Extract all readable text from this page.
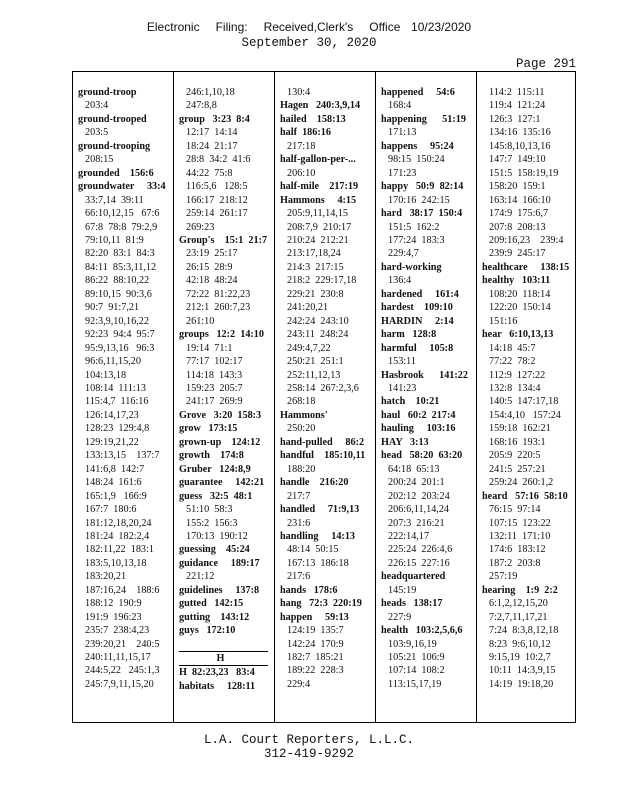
Electronic   Filing:   Received,Clerk's   Office  10/23/2020
September 30, 2020
Page 291
ground-troop
203:4
ground-trooped
203:5
ground-trooping
208:15
grounded    156:6
groundwater     33:4
33:7,14  39:11
66:10,12,15   67:6
67:8  78:8  79:2,9
79:10,11  81:9
82:20  83:1  84:3
84:11  85:3,11,12
86:22  88:10,22
89:10,15  90:3,6
90:7  91:7,21
92:3,9,10,16,22
92:23  94:4  95:7
95:9,13,16   96:3
96:6,11,15,20
104:13,18
108:14  111:13
115:4,7  116:16
126:14,17,23
128:23  129:4,8
129:19,21,22
133:13,15    137:7
141:6,8  142:7
148:24  161:6
165:1,9   166:9
167:7  180:6
181:12,18,20,24
181:24  182:2,4
182:11,22  183:1
183:5,10,13,18
183:20,21
187:16,24    188:6
188:12  190:9
191:9  196:23
235:7  238:4,23
239:20,21    240:5
240:11,11,15,17
244:5,22   245:1,3
245:7,9,11,15,20
246:1,10,18
247:8,8
group   3:23  8:4
12:17  14:14
18:24  21:17
28:8  34:2  41:6
44:22  75:8
116:5,6   128:5
166:17  218:12
259:14  261:17
269:23
Group's    15:1  21:7
23:19  25:17
26:15  28:9
42:18  48:24
72:22  81:22,23
212:1  260:7,23
261:10
groups   12:2  14:10
19:14  71:1
77:17  102:17
114:18  143:3
159:23  205:7
241:17  269:9
Grove   3:20  158:3
grow   173:15
grown-up    124:12
growth    174:8
Gruber   124:8,9
guarantee     142:21
guess   32:5  48:1
51:10  58:3
155:2  156:3
170:13  190:12
guessing    45:24
guidance     189:17
221:12
guidelines     137:8
gutted   142:15
gutting    143:12
guys   172:10

H
H  82:23,23   83:4
habitats     128:11
130:4
Hagen   240:3,9,14
hailed    158:13
half  186:16
217:18
half-gallon-per-...
206:10
half-mile    217:19
Hammons     4:15
205:9,11,14,15
208:7,9  210:17
210:24  212:21
213:17,18,24
214:3  217:15
218:2  229:17,18
229:21  230:8
241:20,21
242:24  243:10
243:11  248:24
249:4,7,22
250:21  251:1
252:11,12,13
258:14  267:2,3,6
268:18
Hammons'
250:20
hand-pulled     86:2
handful    185:10,11
188:20
handle    216:20
217:7
handled     71:9,13
231:6
handling     14:13
48:14  50:15
167:13  186:18
217:6
hands   178:6
hang   72:3  220:19
happen     59:13
124:19  135:7
142:24  170:9
182:7  185:21
189:22  228:3
229:4
happened     54:6
168:4
happening      51:19
171:13
happens     95:24
98:15  150:24
171:23
happy   50:9  82:14
170:16  242:15
hard   38:17  150:4
151:5  162:2
177:24  183:3
229:4,7
hard-working
136:4
hardened     161:4
hardest    109:10
HARDIN     2:14
harm   128:8
harmful     105:8
153:11
Hasbrook      141:22
141:23
hatch    10:21
haul   60:2  217:4
hauling     103:16
HAY   3:13
head   58:20  63:20
64:18  65:13
200:24  201:1
202:12  203:24
206:6,11,14,24
207:3  216:21
222:14,17
225:24  226:4,6
226:15  227:16
headquartered
145:19
heads   138:17
227:9
health   103:2,5,6,6
103:9,16,19
105:21  106:9
107:14  108:2
113:15,17,19
114:2  115:11
119:4  121:24
126:3  127:1
134:16  135:16
145:8,10,13,16
147:7  149:10
151:5  158:19,19
158:20  159:1
163:14  166:10
174:9  175:6,7
207:8  208:13
209:16,23    239:4
239:9  245:17
healthcare     138:15
healthy   103:11
108:20  118:14
122:20  150:14
151:16
hear   6:10,13,13
14:18  45:7
77:22  78:2
112:9  127:22
132:8  134:4
140:5  147:17,18
154:4,10   157:24
159:18  162:21
168:16  193:1
205:9  220:5
241:5  257:21
259:24  260:1,2
heard   57:16  58:10
76:15  97:14
107:15  123:22
132:11  171:10
174:6  183:12
187:2  203:8
257:19
hearing    1:9  2:2
6:1,2,12,15,20
7:2,7,11,17,21
7:24  8:3,8,12,18
8:23  9:6,10,12
9:15,19  10:2,7
10:11  14:3,9,15
14:19  19:18,20
L.A. Court Reporters, L.L.C.
312-419-9292
